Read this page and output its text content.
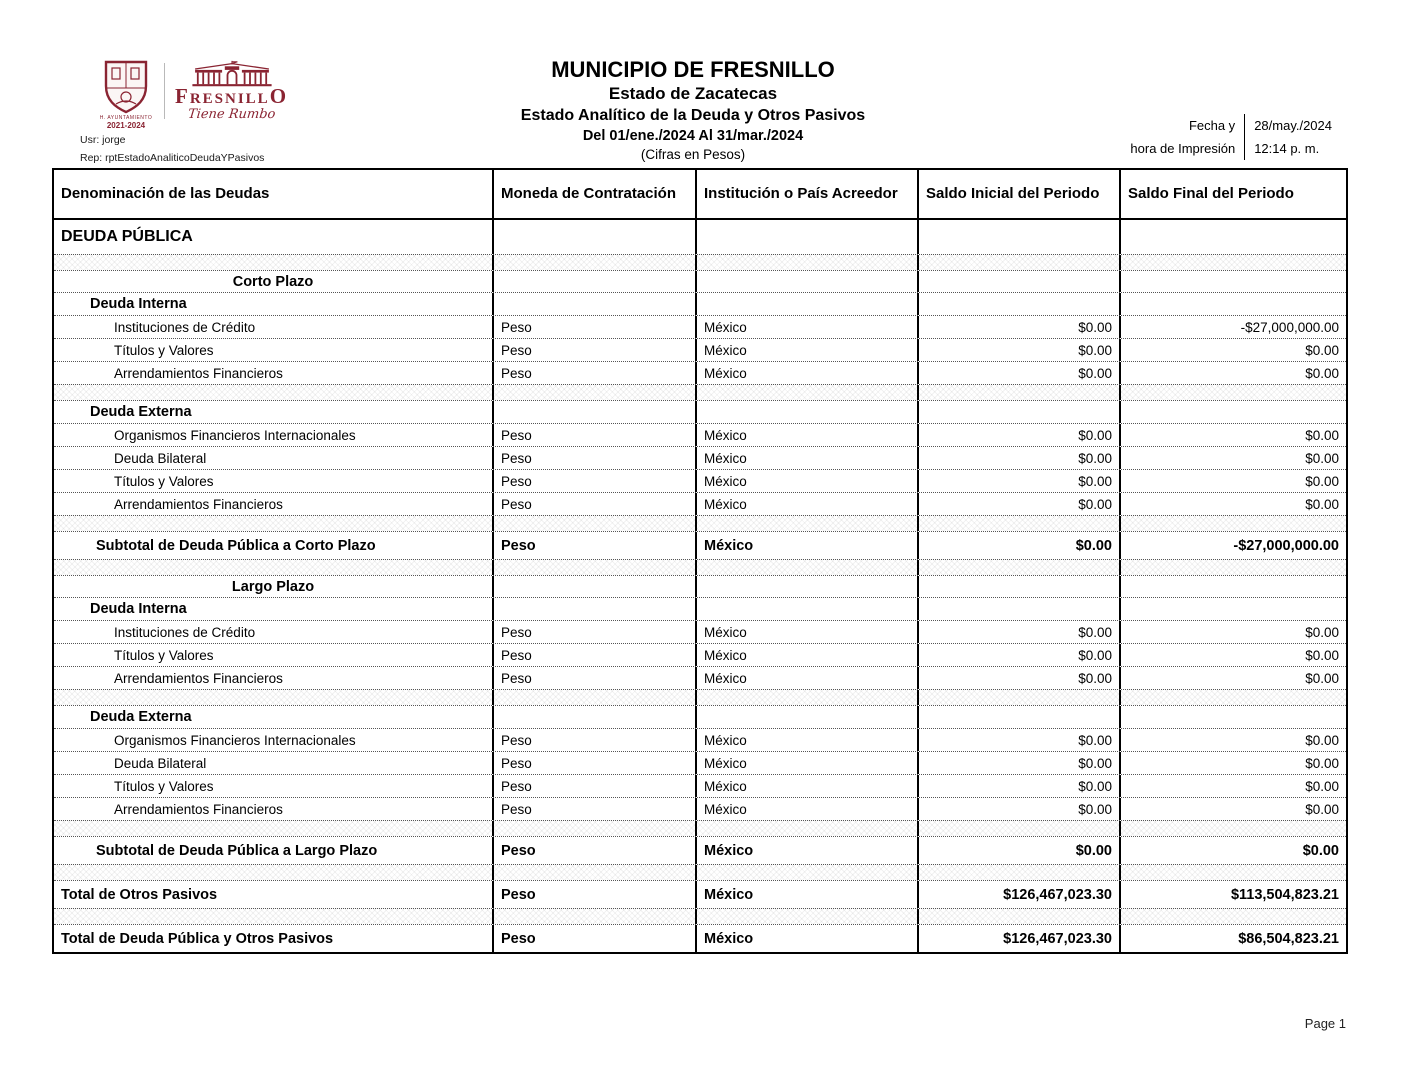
H. AYUNTAMIENTO
2021-2024
FRESNILLO
Tiene Rumbo
Usr: jorge
Rep: rptEstadoAnaliticoDeudaYPasivos
MUNICIPIO DE FRESNILLO
Estado de Zacatecas
Estado Analítico de la Deuda y Otros Pasivos
Del 01/ene./2024 Al 31/mar./2024
(Cifras en Pesos)
Fecha y
hora de Impresión
28/may./2024
12:14 p. m.
Denominación de las Deudas	Moneda de Contratación	Institución o País Acreedor	Saldo Inicial del Periodo	Saldo Final del Periodo
DEUDA PÚBLICA
Corto Plazo
Deuda Interna
Instituciones de Crédito	Peso	México	$0.00	-$27,000,000.00
Títulos y Valores	Peso	México	$0.00	$0.00
Arrendamientos Financieros	Peso	México	$0.00	$0.00
Deuda Externa
Organismos Financieros Internacionales	Peso	México	$0.00	$0.00
Deuda Bilateral	Peso	México	$0.00	$0.00
Títulos y Valores	Peso	México	$0.00	$0.00
Arrendamientos Financieros	Peso	México	$0.00	$0.00
Subtotal de Deuda Pública a Corto Plazo	Peso	México	$0.00	-$27,000,000.00
Largo Plazo
Deuda Interna
Instituciones de Crédito	Peso	México	$0.00	$0.00
Títulos y Valores	Peso	México	$0.00	$0.00
Arrendamientos Financieros	Peso	México	$0.00	$0.00
Deuda Externa
Organismos Financieros Internacionales	Peso	México	$0.00	$0.00
Deuda Bilateral	Peso	México	$0.00	$0.00
Títulos y Valores	Peso	México	$0.00	$0.00
Arrendamientos Financieros	Peso	México	$0.00	$0.00
Subtotal de Deuda Pública a Largo Plazo	Peso	México	$0.00	$0.00
Total de Otros Pasivos	Peso	México	$126,467,023.30	$113,504,823.21
Total de Deuda Pública y Otros Pasivos	Peso	México	$126,467,023.30	$86,504,823.21
Page 1
